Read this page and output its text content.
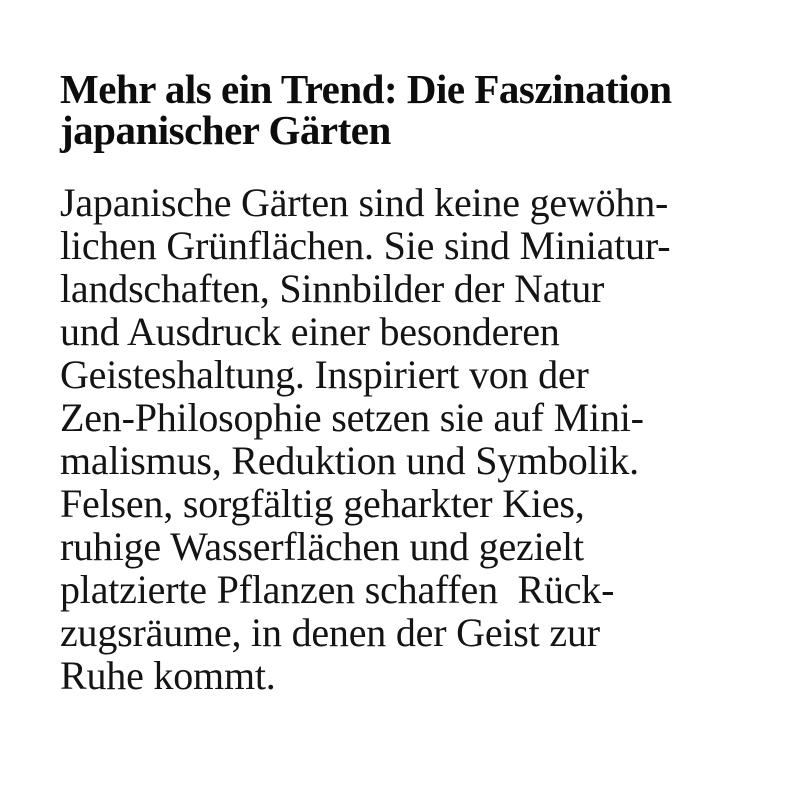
Mehr als ein Trend: Die Faszination
japanischer Gärten

Japanische Gärten sind keine gewöhn-
lichen Grünflächen. Sie sind Miniatur-
landschaften, Sinnbilder der Natur
und Ausdruck einer besonderen
Geisteshaltung. Inspiriert von der
Zen-Philosophie setzen sie auf Mini-
malismus, Reduktion und Symbolik.
Felsen, sorgfältig geharkter Kies,
ruhige Wasserflächen und gezielt
platzierte Pflanzen schaffen  Rück-
zugsräume, in denen der Geist zur
Ruhe kommt.
